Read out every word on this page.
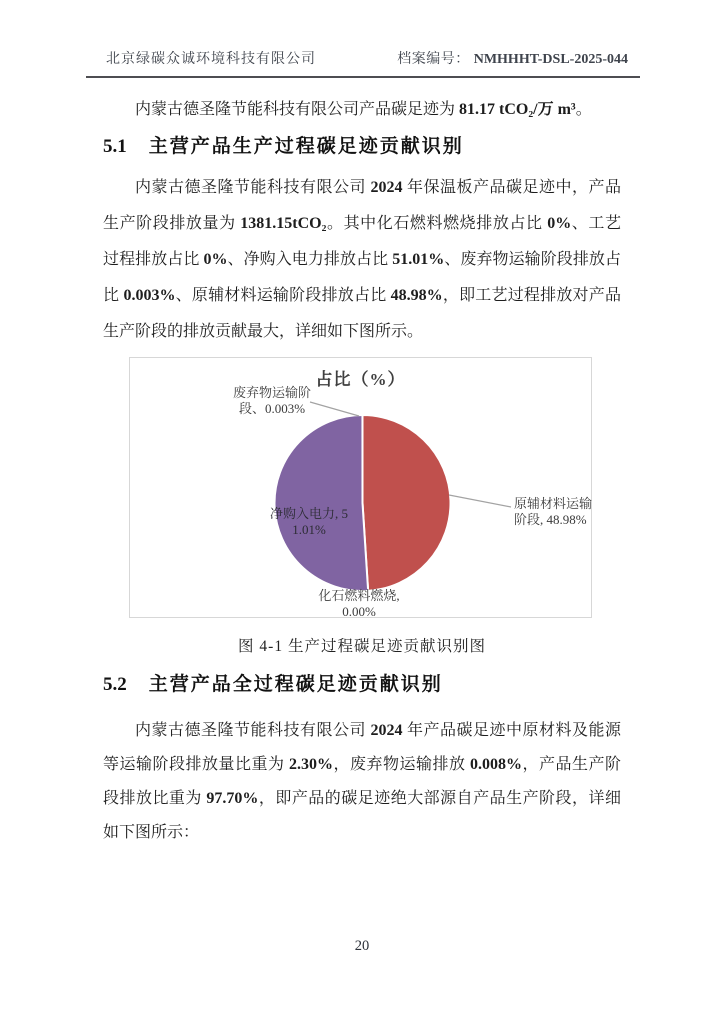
北京绿碳众诚环境科技有限公司	档案编号： NMHHHT-DSL-2025-044

内蒙古德圣隆节能科技有限公司产品碳足迹为 81.17 tCO₂/万 m³。

5.1 主营产品生产过程碳足迹贡献识别

内蒙古德圣隆节能科技有限公司 2024 年保温板产品碳足迹中，产品生产阶段排放量为 1381.15tCO₂。其中化石燃料燃烧排放占比 0%、工艺过程排放占比 0%、净购入电力排放占比 51.01%、废弃物运输阶段排放占比 0.003%、原辅材料运输阶段排放占比 48.98%，即工艺过程排放对产品生产阶段的排放贡献最大，详细如下图所示。

占比（%）
废弃物运输阶段、0.003%
原辅材料运输阶段, 48.98%
净购入电力, 51.01%
化石燃料燃烧, 0.00%
图 4-1 生产过程碳足迹贡献识别图
5.2 主营产品全过程碳足迹贡献识别

内蒙古德圣隆节能科技有限公司 2024 年产品碳足迹中原材料及能源等运输阶段排放量比重为 2.30%，废弃物运输排放 0.008%，产品生产阶段排放比重为 97.70%，即产品的碳足迹绝大部源自产品生产阶段，详细如下图所示：

20
